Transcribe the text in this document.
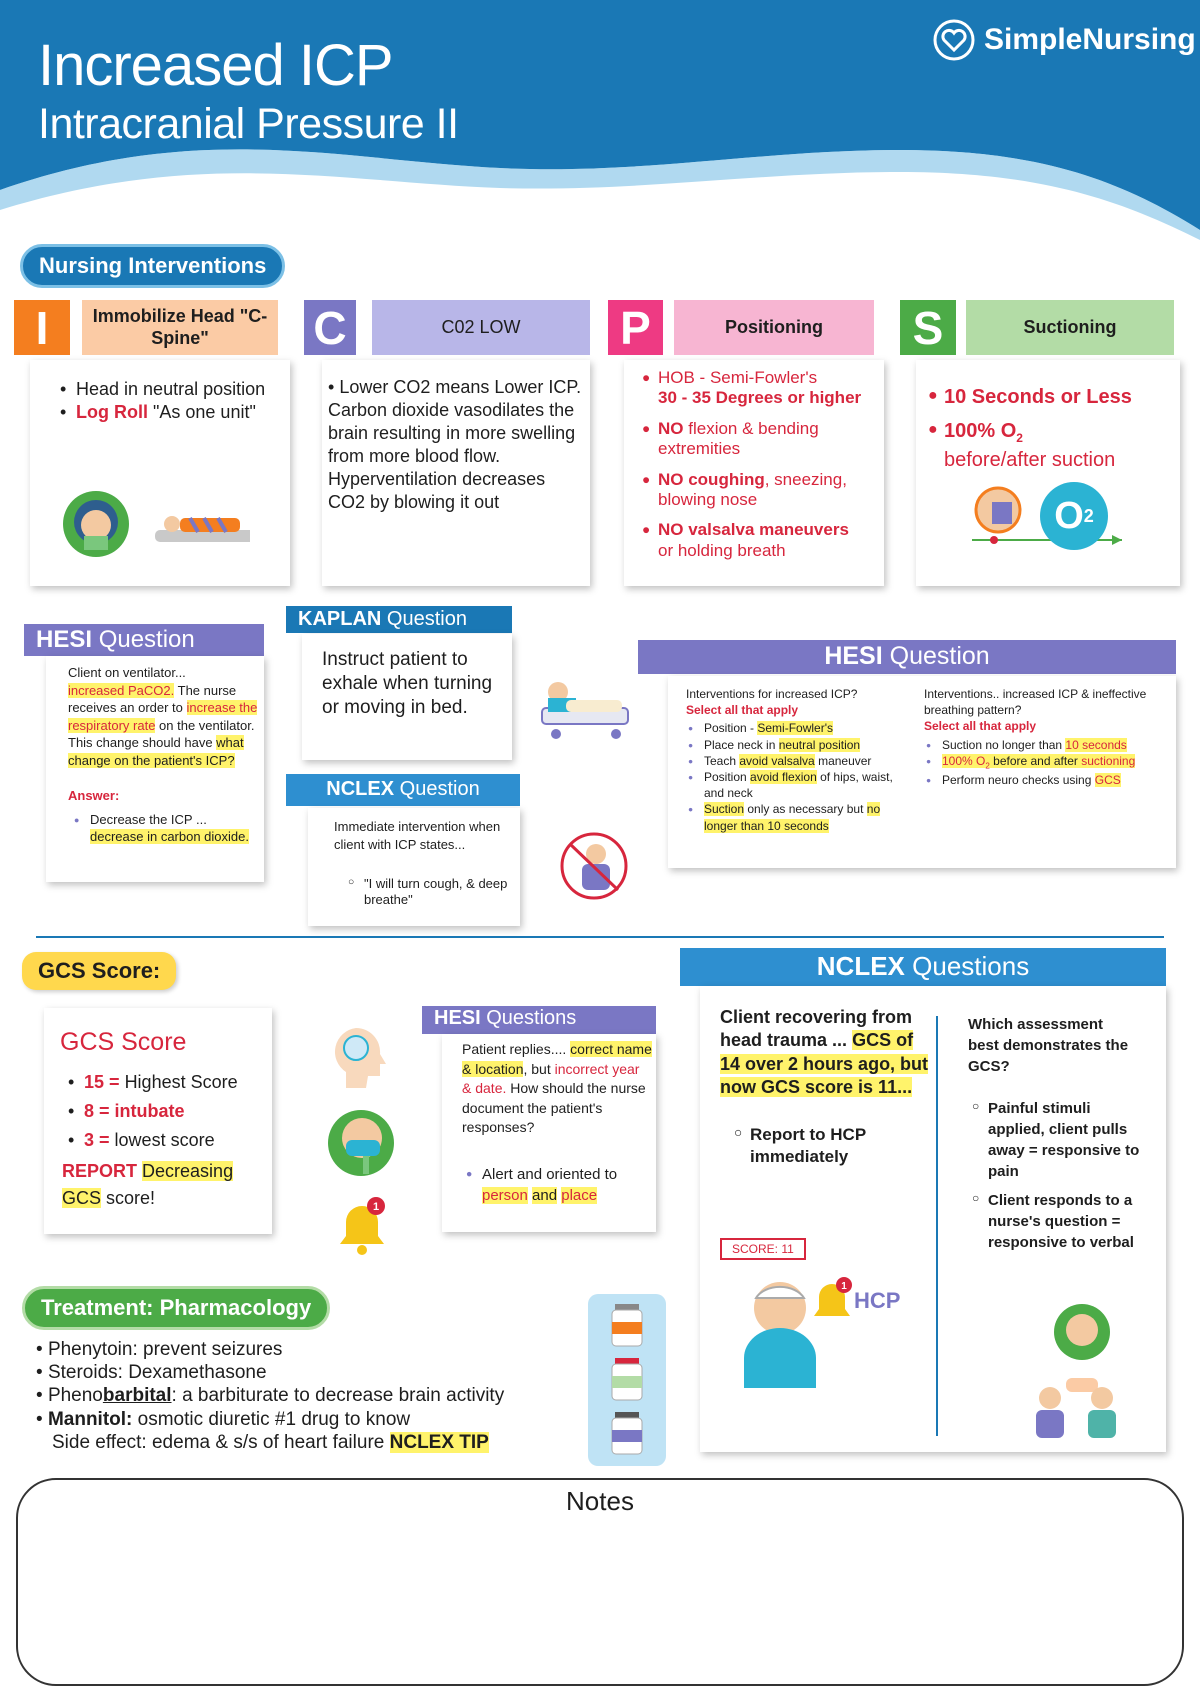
Increased ICP
Intracranial Pressure II
SimpleNursing
Nursing Interventions
I	Immobilize Head "C-Spine"
• Head in neutral position
• Log Roll "As one unit"
C	C02 LOW
• Lower CO2 means Lower ICP. Carbon dioxide vasodilates the brain resulting in more swelling from more blood flow. Hyperventilation decreases CO2 by blowing it out
P	Positioning
● HOB - Semi-Fowler's
30 - 35 Degrees or higher
● NO flexion & bending extremities
● NO coughing, sneezing, blowing nose
● NO valsalva maneuvers
or holding breath
S	Suctioning
● 10 Seconds or Less
● 100% $O_2$
before/after suction
O 2
HESI Question
Client on ventilator...
increased PaCO2. The nurse receives an order to increase the respiratory rate on the ventilator. This change should have what change on the patient's ICP?
Answer:
● Decrease the ICP ...
decrease in carbon dioxide.
KAPLAN Question
Instruct patient to exhale when turning or moving in bed.
NCLEX Question
Immediate intervention when client with ICP states...
○ "I will turn cough, & deep breathe"
HESI Question
Interventions for increased ICP?
Select all that apply
● Position - Semi-Fowler's
● Place neck in neutral position
● Teach avoid valsalva maneuver
● Position avoid flexion of hips, waist, and neck
● Suction only as necessary but no longer than 10 seconds
Interventions.. increased ICP & ineffective breathing pattern?
Select all that apply
● Suction no longer than 10 seconds
● 100% $O_2$ before and after suctioning
● Perform neuro checks using GCS
GCS Score:
GCS Score
• 15 = Highest Score
• 8 = intubate
• 3 = lowest score
REPORT Decreasing
GCS score!	1
HESI Questions
Patient replies.... correct name & location, but incorrect year & date. How should the nurse document the patient's responses?
● Alert and oriented to person and place
NCLEX Questions
Client recovering from head trauma ... GCS of 14 over 2 hours ago, but now GCS score is 11...
○ Report to HCP immediately
SCORE: 11
1
HCP
Which assessment best demonstrates the GCS?
○ Painful stimuli applied, client pulls away = responsive to pain
○ Client responds to a nurse's question = responsive to verbal
Treatment: Pharmacology
• Phenytoin: prevent seizures
• Steroids: Dexamethasone
• Phenobarbital: a barbiturate to decrease brain activity
• Mannitol: osmotic diuretic #1 drug to know
Side effect: edema & s/s of heart failure NCLEX TIP
Notes
